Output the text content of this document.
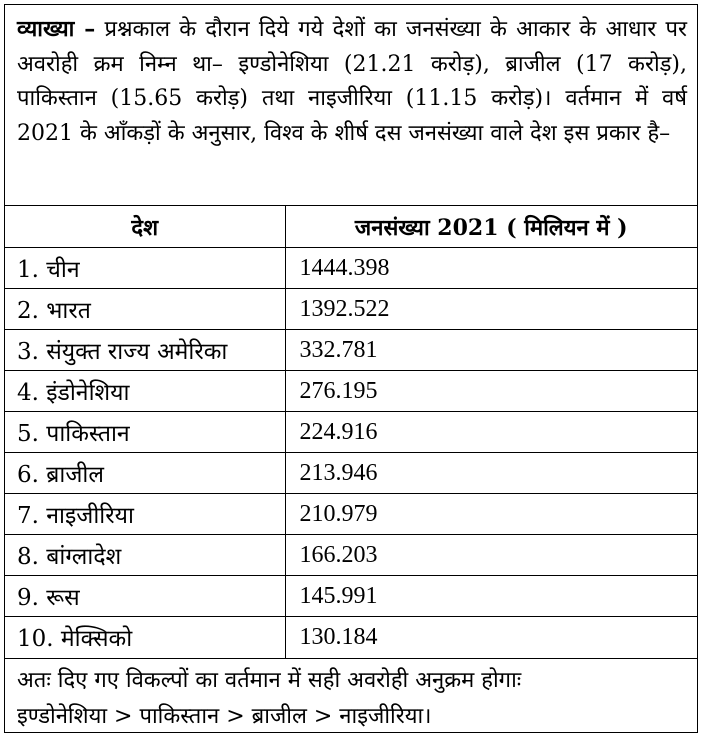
व्याख्या – प्रश्नकाल के दौरान दिये गये देशों का जनसंख्या के आकार के आधार पर अवरोही क्रम निम्न था– इण्डोनेशिया (21.21 करोड़), ब्राजील (17 करोड़), पाकिस्तान (15.65 करोड़) तथा नाइजीरिया (11.15 करोड़)। वर्तमान में वर्ष 2021 के आँकड़ों के अनुसार, विश्व के शीर्ष दस जनसंख्या वाले देश इस प्रकार है–
देश	जनसंख्या 2021 ( मिलियन में )
1. चीन	1444.398
2. भारत	1392.522
3. संयुक्त राज्य अमेरिका	332.781
4. इंडोनेशिया	276.195
5. पाकिस्तान	224.916
6. ब्राजील	213.946
7. नाइजीरिया	210.979
8. बांग्लादेश	166.203
9. रूस	145.991
10. मेक्सिको	130.184
अतः दिए गए विकल्पों का वर्तमान में सही अवरोही अनुक्रम होगाः
इण्डोनेशिया > पाकिस्तान > ब्राजील > नाइजीरिया।
